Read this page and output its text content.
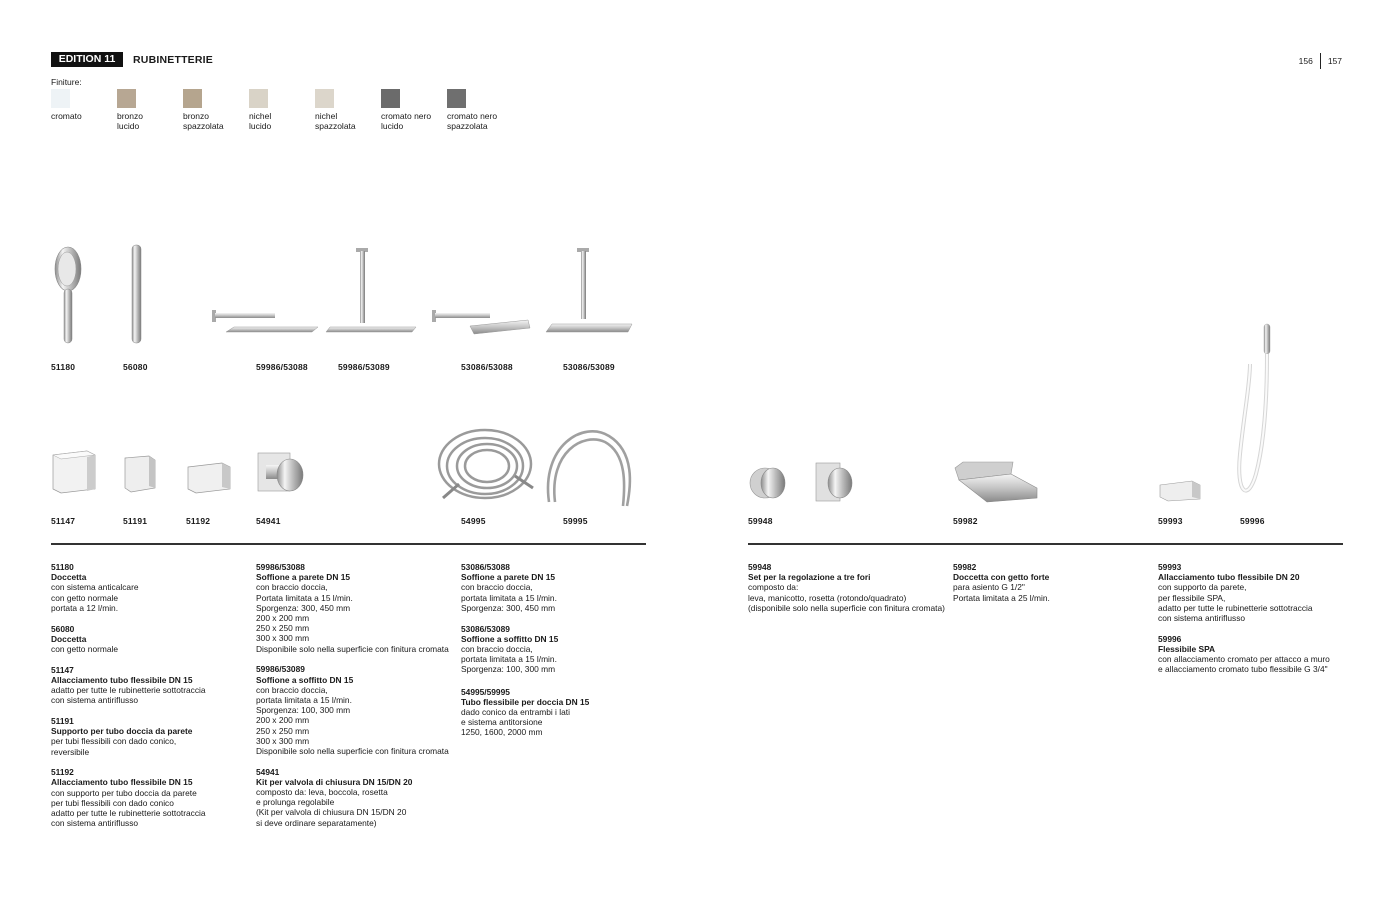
EDITION 11	RUBINETTERIE	156 157
Finiture:
cromato	bronzo
lucido
bronzo
spazzolata
nichel
lucido
nichel
spazzolata
cromato nero
lucido
cromato nero
spazzolata
51180	56080	59986/53088	59986/53089	53086/53088	53086/53089
51147	51191	51192	54941	54995	59995	59948	59982	59993	59996
51180
Doccetta
con sistema anticalcare
con getto normale
portata a 12 l/min.
56080
Doccetta
con getto normale
51147
Allacciamento tubo flessibile DN 15
adatto per tutte le rubinetterie sottotraccia
con sistema antiriflusso
51191
Supporto per tubo doccia da parete
per tubi flessibili con dado conico,
reversibile
51192
Allacciamento tubo flessibile DN 15
con supporto per tubo doccia da parete
per tubi flessibili con dado conico
adatto per tutte le rubinetterie sottotraccia
con sistema antiriflusso
59986/53088
Soffione a parete DN 15
con braccio doccia,
Portata limitata a 15 l/min.
Sporgenza: 300, 450 mm
200 x 200 mm
250 x 250 mm
300 x 300 mm
Disponibile solo nella superficie con finitura cromata
59986/53089
Soffione a soffitto DN 15
con braccio doccia,
portata limitata a 15 l/min.
Sporgenza: 100, 300 mm
200 x 200 mm
250 x 250 mm
300 x 300 mm
Disponibile solo nella superficie con finitura cromata
54941
Kit per valvola di chiusura DN 15/DN 20
composto da: leva, boccola, rosetta
e prolunga regolabile
(Kit per valvola di chiusura DN 15/DN 20
si deve ordinare separatamente)
53086/53088
Soffione a parete DN 15
con braccio doccia,
portata limitata a 15 l/min.
Sporgenza: 300, 450 mm
53086/53089
Soffione a soffitto DN 15
con braccio doccia,
portata limitata a 15 l/min.
Sporgenza: 100, 300 mm
54995/59995
Tubo flessibile per doccia DN 15
dado conico da entrambi i lati
e sistema antitorsione
1250, 1600, 2000 mm
59948
Set per la regolazione a tre fori
composto da:
leva, manicotto, rosetta (rotondo/quadrato)
(disponibile solo nella superficie con finitura cromata)
59982
Doccetta con getto forte
para asiento G 1/2"
Portata limitata a 25 l/min.
59993
Allacciamento tubo flessibile DN 20
con supporto da parete,
per flessibile SPA,
adatto per tutte le rubinetterie sottotraccia
con sistema antiriflusso
59996
Flessibile SPA
con allacciamento cromato per attacco a muro
e allacciamento cromato tubo flessibile G 3/4"
